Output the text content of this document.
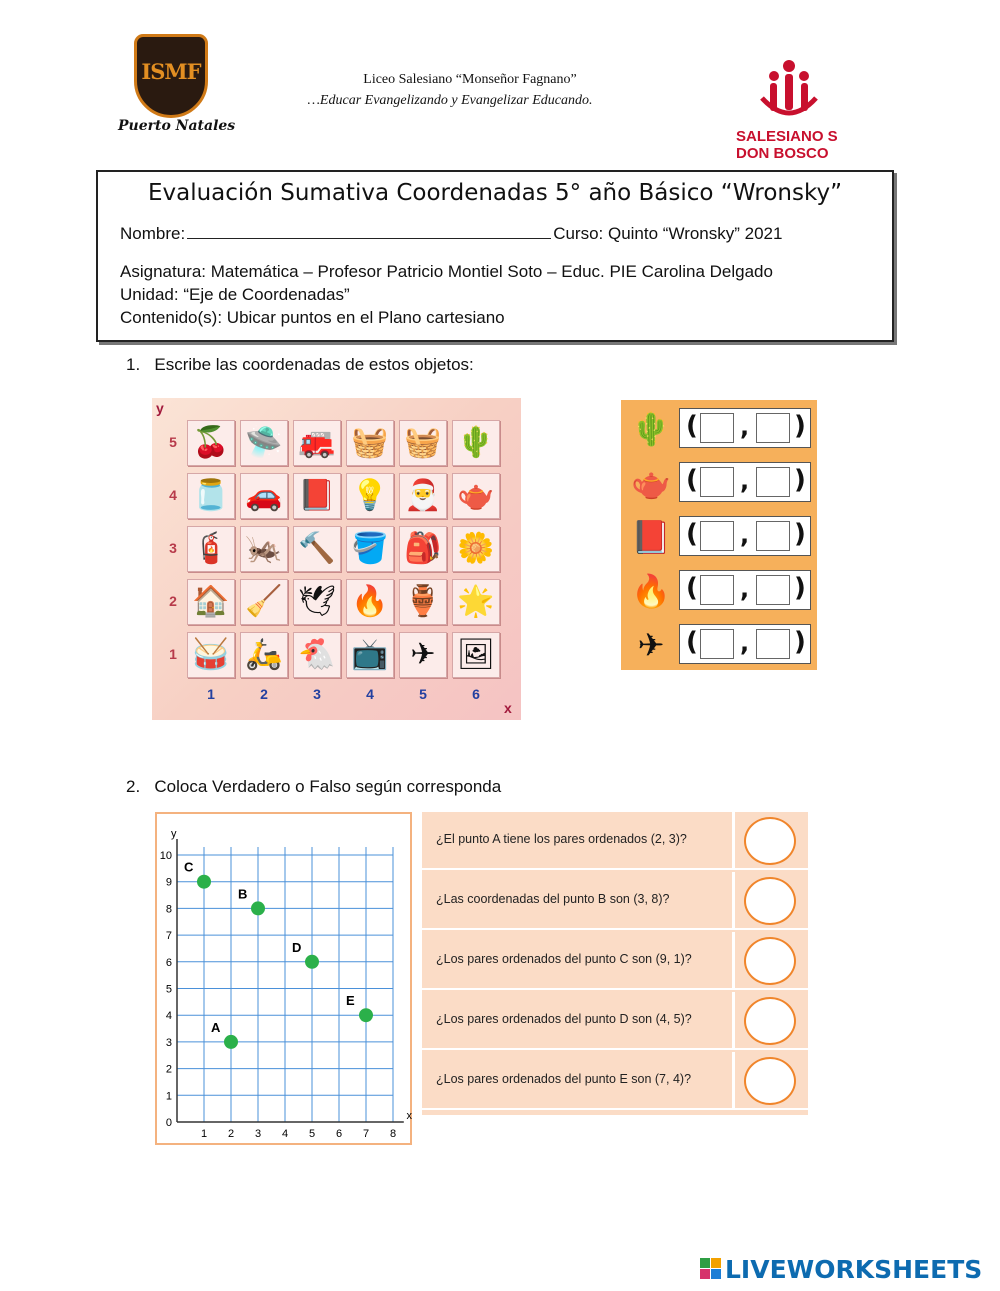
ISMF
Puerto Natales
Liceo Salesiano “Monseñor Fagnano”
…Educar Evangelizando y Evangelizar Educando.
SALESIANO S
DON BOSCO
Evaluación Sumativa Coordenadas 5° año Básico “Wronsky”
Nombre:	Curso: Quinto “Wronsky” 2021
Asignatura: Matemática – Profesor Patricio Montiel Soto – Educ. PIE Carolina Delgado
Unidad: “Eje de Coordenadas”
Contenido(s): Ubicar puntos en el Plano cartesiano
1. Escribe las coordenadas de estos objetos:
y
x
5 🍒 🛸 🚒 🧺 🧺 🌵
4 🫙 🚗 📕 💡 🎅 🫖
3 🧯 🦗 🔨 🪣 🎒 🌼
2 🏠 🧹 🕊 🔥 🏺 🌟
1 🥁 🛵 🐔 📺 ✈ 🖼
1	2	3	4	5	6
🌵 ( , )
🫖 ( , )
📕 ( , )
🔥 ( , )
✈ ( , )
2. Coloca Verdadero o Falso según corresponda
x
y
1 2 3 4 5 6 7 8
0
1
2
3
4
5
6
7
8
9
10
A
B
C
D
E
¿El punto A tiene los pares ordenados (2, 3)?
¿Las coordenadas del punto B son (3, 8)?
¿Los pares ordenados del punto C son (9, 1)?
¿Los pares ordenados del punto D son (4, 5)?
¿Los pares ordenados del punto E son (7, 4)?
LIVEWORKSHEETS
